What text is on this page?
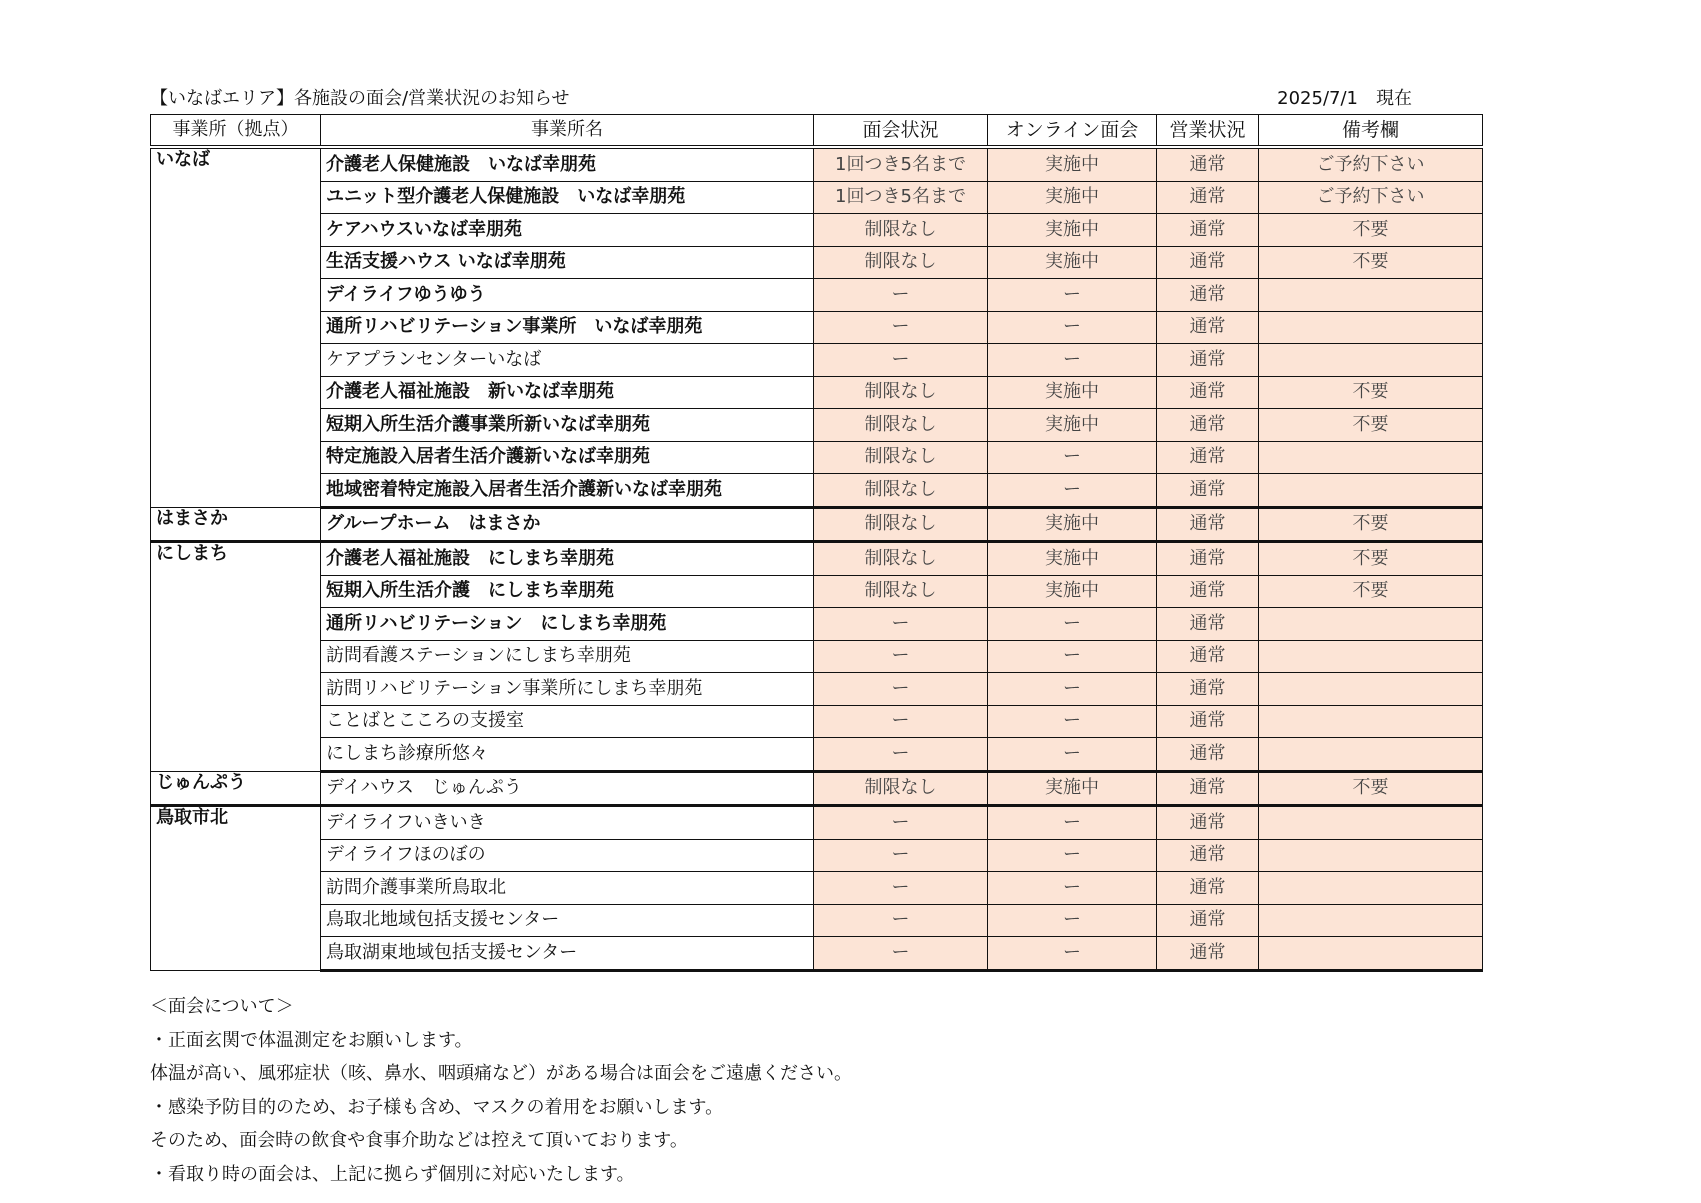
【いなばエリア】各施設の面会/営業状況のお知らせ	2025/7/1　現在
事業所（拠点）	事業所名	面会状況	オンライン面会	営業状況	備考欄
いなば	介護老人保健施設　いなば幸朋苑	1回つき5名まで	実施中	通常	ご予約下さい
	ユニット型介護老人保健施設　いなば幸朋苑	1回つき5名まで	実施中	通常	ご予約下さい
	ケアハウスいなば幸朋苑	制限なし	実施中	通常	不要
	生活支援ハウス いなば幸朋苑	制限なし	実施中	通常	不要
	デイライフゆうゆう	ー	ー	通常	
	通所リハビリテーション事業所　いなば幸朋苑	ー	ー	通常	
	ケアプランセンターいなば	ー	ー	通常	
	介護老人福祉施設　新いなば幸朋苑	制限なし	実施中	通常	不要
	短期入所生活介護事業所新いなば幸朋苑	制限なし	実施中	通常	不要
	特定施設入居者生活介護新いなば幸朋苑	制限なし	ー	通常	
	地域密着特定施設入居者生活介護新いなば幸朋苑	制限なし	ー	通常	
はまさか	グループホーム　はまさか	制限なし	実施中	通常	不要
にしまち	介護老人福祉施設　にしまち幸朋苑	制限なし	実施中	通常	不要
	短期入所生活介護　にしまち幸朋苑	制限なし	実施中	通常	不要
	通所リハビリテーション　にしまち幸朋苑	ー	ー	通常	
	訪問看護ステーションにしまち幸朋苑	ー	ー	通常	
	訪問リハビリテーション事業所にしまち幸朋苑	ー	ー	通常	
	ことばとこころの支援室	ー	ー	通常	
	にしまち診療所悠々	ー	ー	通常	
じゅんぷう	デイハウス　じゅんぷう	制限なし	実施中	通常	不要
鳥取市北	デイライフいきいき	ー	ー	通常	
	デイライフほのぼの	ー	ー	通常	
	訪問介護事業所鳥取北	ー	ー	通常	
	鳥取北地域包括支援センター	ー	ー	通常	
	鳥取湖東地域包括支援センター	ー	ー	通常	
＜面会について＞
・正面玄関で体温測定をお願いします。
体温が高い、風邪症状（咳、鼻水、咽頭痛など）がある場合は面会をご遠慮ください。
・感染予防目的のため、お子様も含め、マスクの着用をお願いします。
そのため、面会時の飲食や食事介助などは控えて頂いております。
・看取り時の面会は、上記に拠らず個別に対応いたします。
